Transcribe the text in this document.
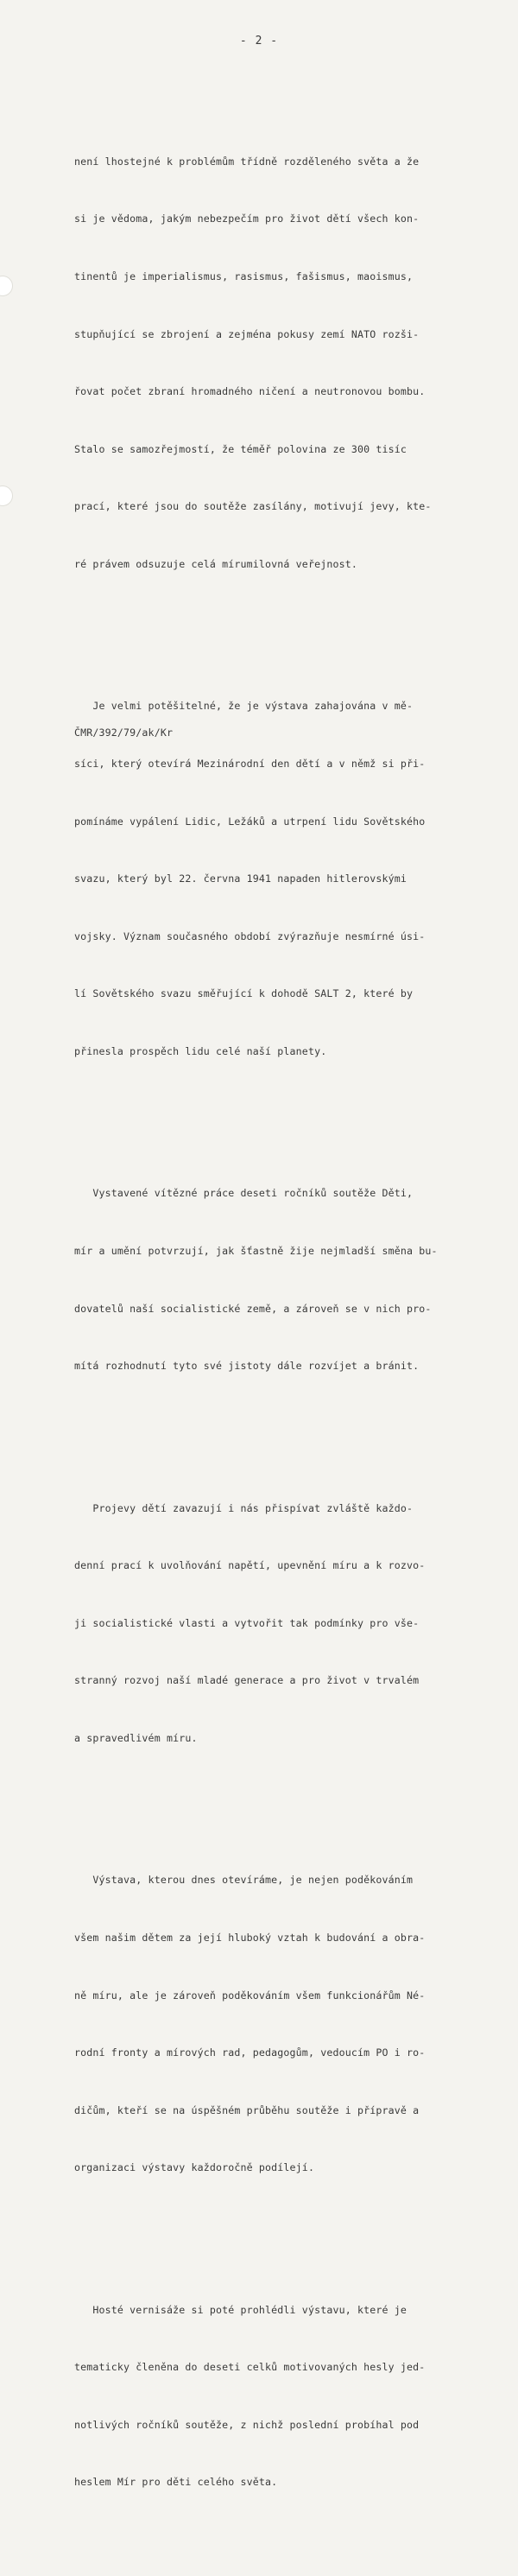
- 2 -

není lhostejné k problémům třídně rozděleného světa a že

si je vědoma, jakým nebezpečím pro život dětí všech kon-

tinentů je imperialismus, rasismus, fašismus, maoismus,

stupňující se zbrojení a zejména pokusy zemí NATO rozši-

řovat počet zbraní hromadného ničení a neutronovou bombu.

Stalo se samozřejmostí, že téměř polovina ze 300 tisíc

prací, které jsou do soutěže zasílány, motivují jevy, kte-

ré právem odsuzuje celá mírumilovná veřejnost.

Je velmi potěšitelné, že je výstava zahajována v mě-

síci, který otevírá Mezinárodní den dětí a v němž si při-

pomínáme vypálení Lidic, Ležáků a utrpení lidu Sovětského

svazu, který byl 22. června 1941 napaden hitlerovskými

vojsky. Význam současného období zvýrazňuje nesmírné úsi-

lí Sovětského svazu směřující k dohodě SALT 2, které by

přinesla prospěch lidu celé naší planety.

Vystavené vítězné práce deseti ročníků soutěže Děti,

mír a umění potvrzují, jak šťastně žije nejmladší směna bu-

dovatelů naší socialistické země, a zároveň se v nich pro-

mítá rozhodnutí tyto své jistoty dále rozvíjet a bránit.

Projevy dětí zavazují i nás přispívat zvláště každo-

denní prací k uvolňování napětí, upevnění míru a k rozvo-

ji socialistické vlasti a vytvořit tak podmínky pro vše-

stranný rozvoj naší mladé generace a pro život v trvalém

a spravedlivém míru.

Výstava, kterou dnes otevíráme, je nejen poděkováním

všem našim dětem za její hluboký vztah k budování a obra-

ně míru, ale je zároveň poděkováním všem funkcionářům Né-

rodní fronty a mírových rad, pedagogům, vedoucím PO i ro-

dičům, kteří se na úspěšném průběhu soutěže i přípravě a

organizaci výstavy každoročně podílejí.

Hosté vernisáže si poté prohlédli výstavu, které je

tematicky členěna do deseti celků motivovaných hesly jed-

notlivých ročníků soutěže, z nichž poslední probíhal pod

heslem Mír pro děti celého světa.

ČMR/392/79/ak/Kr
